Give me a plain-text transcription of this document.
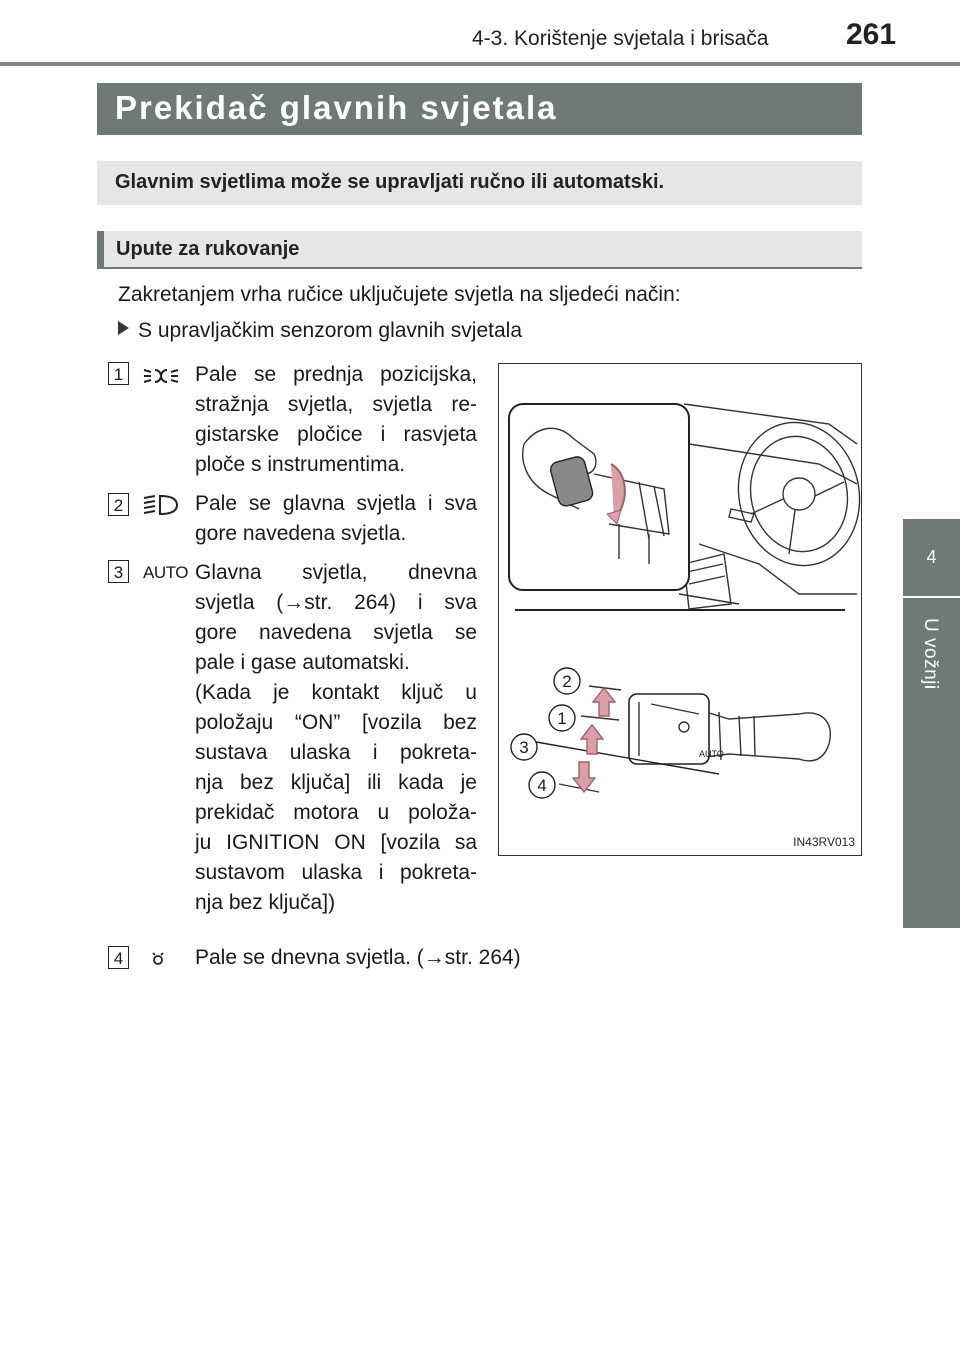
4-3. Korištenje svjetala i brisača	261
4
U vožnji
Prekidač glavnih svjetala

Glavnim svjetlima može se upravljati ručno ili automatski.

Upute za rukovanje
Zakretanjem vrha ručice uključujete svjetla na sljedeći način:
S upravljačkim senzorom glavnih svjetala
1	Pale se prednja pozicijska,
stražnja svjetla, svjetla re-
gistarske pločice i rasvjeta
ploče s instrumentima.
2	Pale se glavna svjetla i sva
gore navedena svjetla.
3	AUTO Glavna svjetla, dnevna
svjetla (→str. 264) i sva
gore navedena svjetla se
pale i gase automatski.
(Kada je kontakt ključ u
položaju “ON” [vozila bez
sustava ulaska i pokreta-
nja bez ključa] ili kada je
prekidač motora u položa-
ju IGNITION ON [vozila sa
sustavom ulaska i pokreta-
nja bez ključa])
4	Pale se dnevna svjetla. (→str. 264)
AUTO
2
1
3
4
IN43RV013
